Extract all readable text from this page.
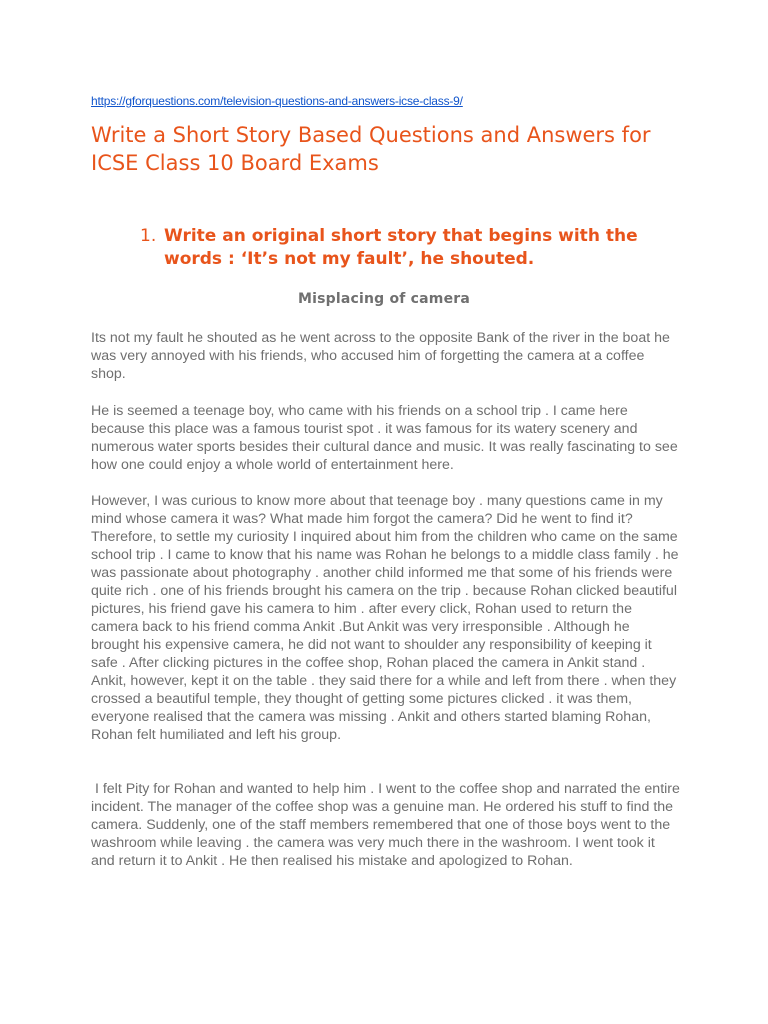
https://gforquestions.com/television-questions-and-answers-icse-class-9/
Write a Short Story Based Questions and Answers for ICSE Class 10 Board Exams
1. Write an original short story that begins with the words : ‘It’s not my fault’, he shouted.
Misplacing of camera

Its not my fault he shouted as he went across to the opposite Bank of the river in the boat he was very annoyed with his friends, who accused him of forgetting the camera at a coffee shop.

He is seemed a teenage boy, who came with his friends on a school trip . I came here because this place was a famous tourist spot . it was famous for its watery scenery and numerous water sports besides their cultural dance and music. It was really fascinating to see how one could enjoy a whole world of entertainment here.

However, I was curious to know more about that teenage boy . many questions came in my mind whose camera it was? What made him forgot the camera? Did he went to find it? Therefore, to settle my curiosity I inquired about him from the children who came on the same school trip . I came to know that his name was Rohan he belongs to a middle class family . he was passionate about photography . another child informed me that some of his friends were quite rich . one of his friends brought his camera on the trip . because Rohan clicked beautiful pictures, his friend gave his camera to him . after every click, Rohan used to return the camera back to his friend comma Ankit .But Ankit was very irresponsible . Although he brought his expensive camera, he did not want to shoulder any responsibility of keeping it safe . After clicking pictures in the coffee shop, Rohan placed the camera in Ankit stand . Ankit, however, kept it on the table . they said there for a while and left from there . when they crossed a beautiful temple, they thought of getting some pictures clicked . it was them, everyone realised that the camera was missing . Ankit and others started blaming Rohan, Rohan felt humiliated and left his group.

I felt Pity for Rohan and wanted to help him . I went to the coffee shop and narrated the entire incident. The manager of the coffee shop was a genuine man. He ordered his stuff to find the camera. Suddenly, one of the staff members remembered that one of those boys went to the washroom while leaving . the camera was very much there in the washroom. I went took it and return it to Ankit . He then realised his mistake and apologized to Rohan.
